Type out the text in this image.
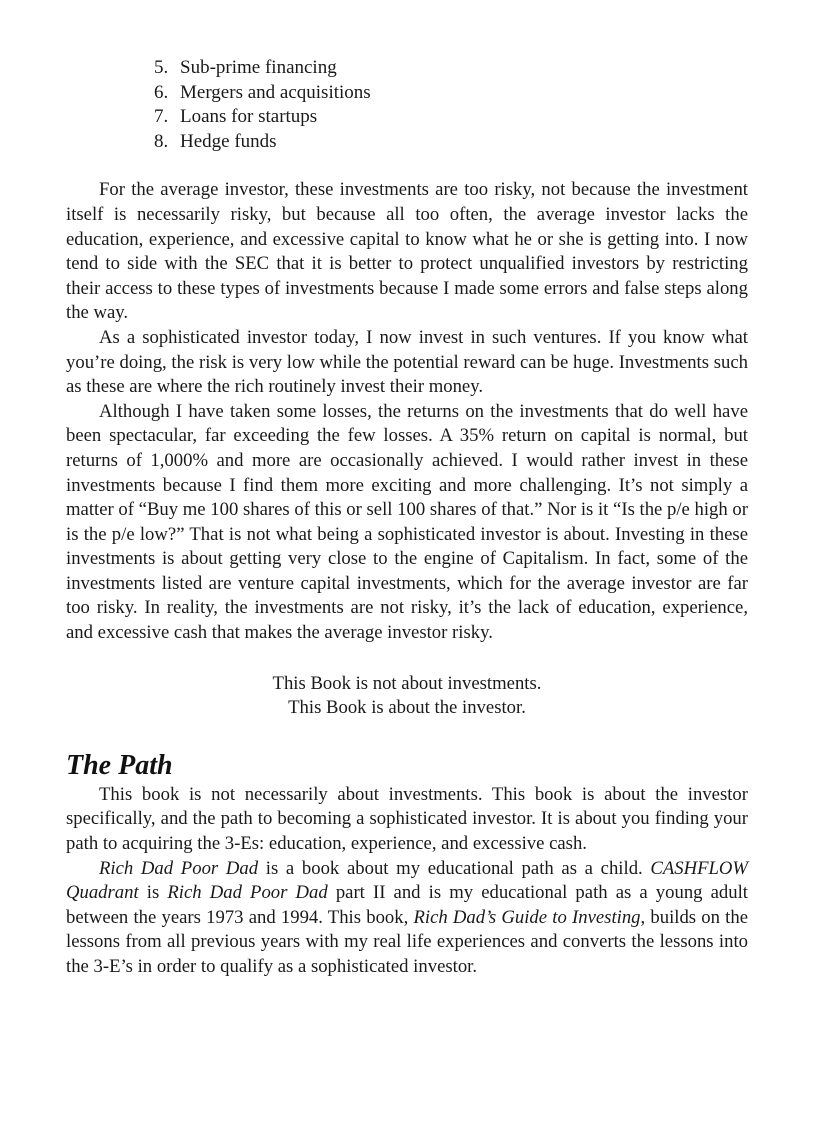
5. Sub-prime financing
6. Mergers and acquisitions
7. Loans for startups
8. Hedge funds

For the average investor, these investments are too risky, not because the investment itself is necessarily risky, but because all too often, the average investor lacks the education, experience, and excessive capital to know what he or she is getting into. I now tend to side with the SEC that it is better to protect unqualified investors by restricting their access to these types of investments because I made some errors and false steps along the way.

As a sophisticated investor today, I now invest in such ventures. If you know what you’re doing, the risk is very low while the potential reward can be huge. Investments such as these are where the rich routinely invest their money.

Although I have taken some losses, the returns on the investments that do well have been spectacular, far exceeding the few losses. A 35% return on capital is normal, but returns of 1,000% and more are occasionally achieved. I would rather invest in these investments because I find them more exciting and more challenging. It’s not simply a matter of “Buy me 100 shares of this or sell 100 shares of that.” Nor is it “Is the p/e high or is the p/e low?” That is not what being a sophisticated investor is about. Investing in these investments is about getting very close to the engine of Capitalism. In fact, some of the investments listed are venture capital investments, which for the average investor are far too risky. In reality, the investments are not risky, it’s the lack of education, experience, and excessive cash that makes the average investor risky.

This Book is not about investments.
This Book is about the investor.
The Path

This book is not necessarily about investments. This book is about the investor specifically, and the path to becoming a sophisticated investor. It is about you finding your path to acquiring the 3-Es: education, experience, and excessive cash.

Rich Dad Poor Dad is a book about my educational path as a child. CASHFLOW Quadrant is Rich Dad Poor Dad part II and is my educational path as a young adult between the years 1973 and 1994. This book, Rich Dad’s Guide to Investing, builds on the lessons from all previous years with my real life experiences and converts the lessons into the 3-E’s in order to qualify as a sophisticated investor.
